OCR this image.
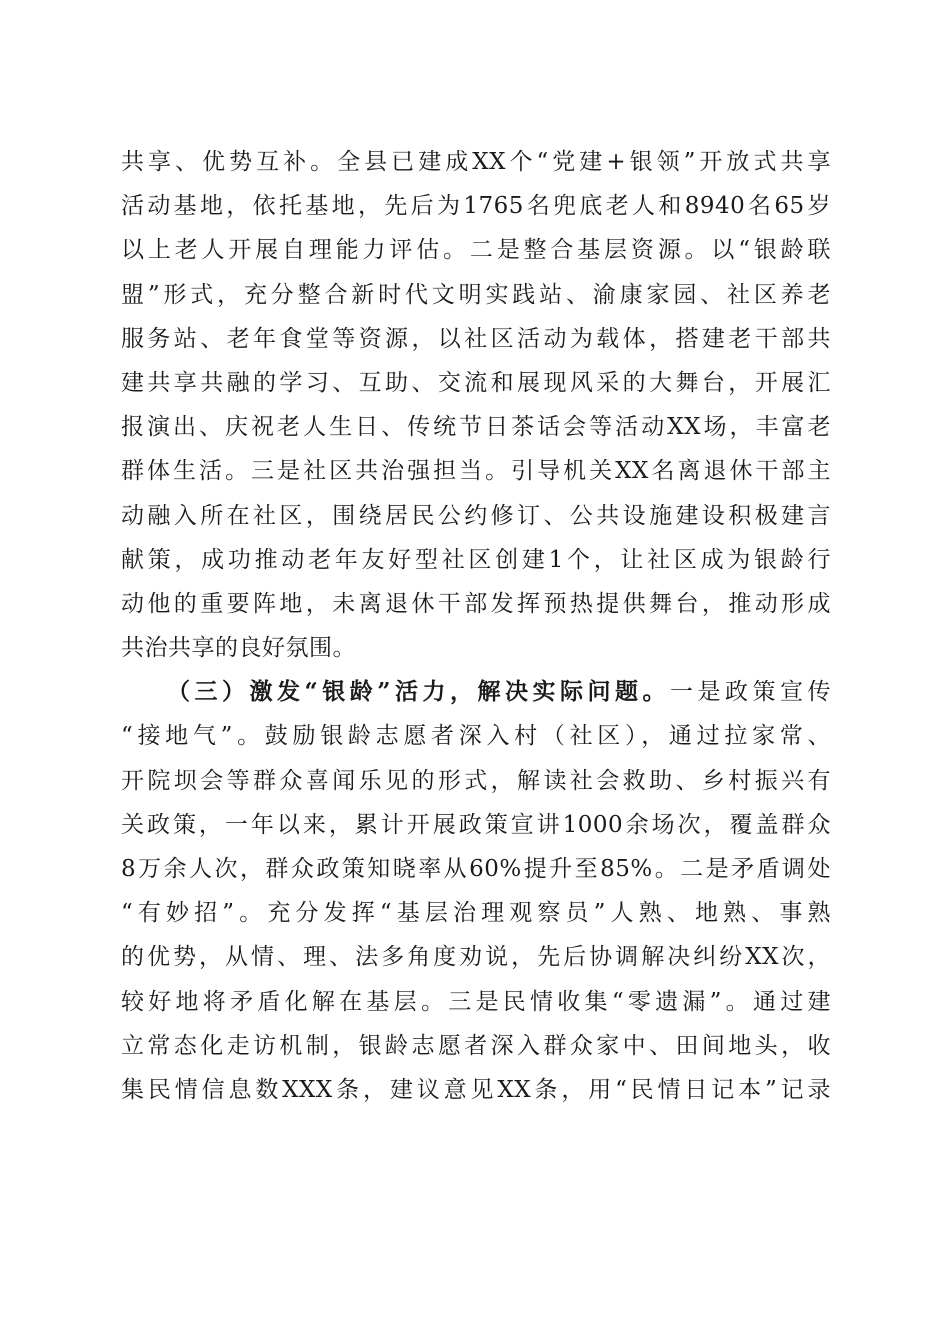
共享、优势互补。全县已建成XX个“党建+银领”开放式共享
活动基地，依托基地，先后为1765名兜底老人和8940名65岁
以上老人开展自理能力评估。二是整合基层资源。以“银龄联
盟”形式，充分整合新时代文明实践站、渝康家园、社区养老
服务站、老年食堂等资源，以社区活动为载体，搭建老干部共
建共享共融的学习、互助、交流和展现风采的大舞台，开展汇
报演出、庆祝老人生日、传统节日茶话会等活动XX场，丰富老
群体生活。三是社区共治强担当。引导机关XX名离退休干部主
动融入所在社区，围绕居民公约修订、公共设施建设积极建言
献策，成功推动老年友好型社区创建1个，让社区成为银龄行
动他的重要阵地，未离退休干部发挥预热提供舞台，推动形成
共治共享的良好氛围。
（三）激发“银龄”活力，解决实际问题。一是政策宣传
“接地气”。鼓励银龄志愿者深入村（社区），通过拉家常、
开院坝会等群众喜闻乐见的形式，解读社会救助、乡村振兴有
关政策，一年以来，累计开展政策宣讲1000余场次，覆盖群众
8万余人次，群众政策知晓率从60%提升至85%。二是矛盾调处
“有妙招”。充分发挥“基层治理观察员”人熟、地熟、事熟
的优势，从情、理、法多角度劝说，先后协调解决纠纷XX次，
较好地将矛盾化解在基层。三是民情收集“零遗漏”。通过建
立常态化走访机制，银龄志愿者深入群众家中、田间地头，收
集民情信息数XXX条，建议意见XX条，用“民情日记本”记录
